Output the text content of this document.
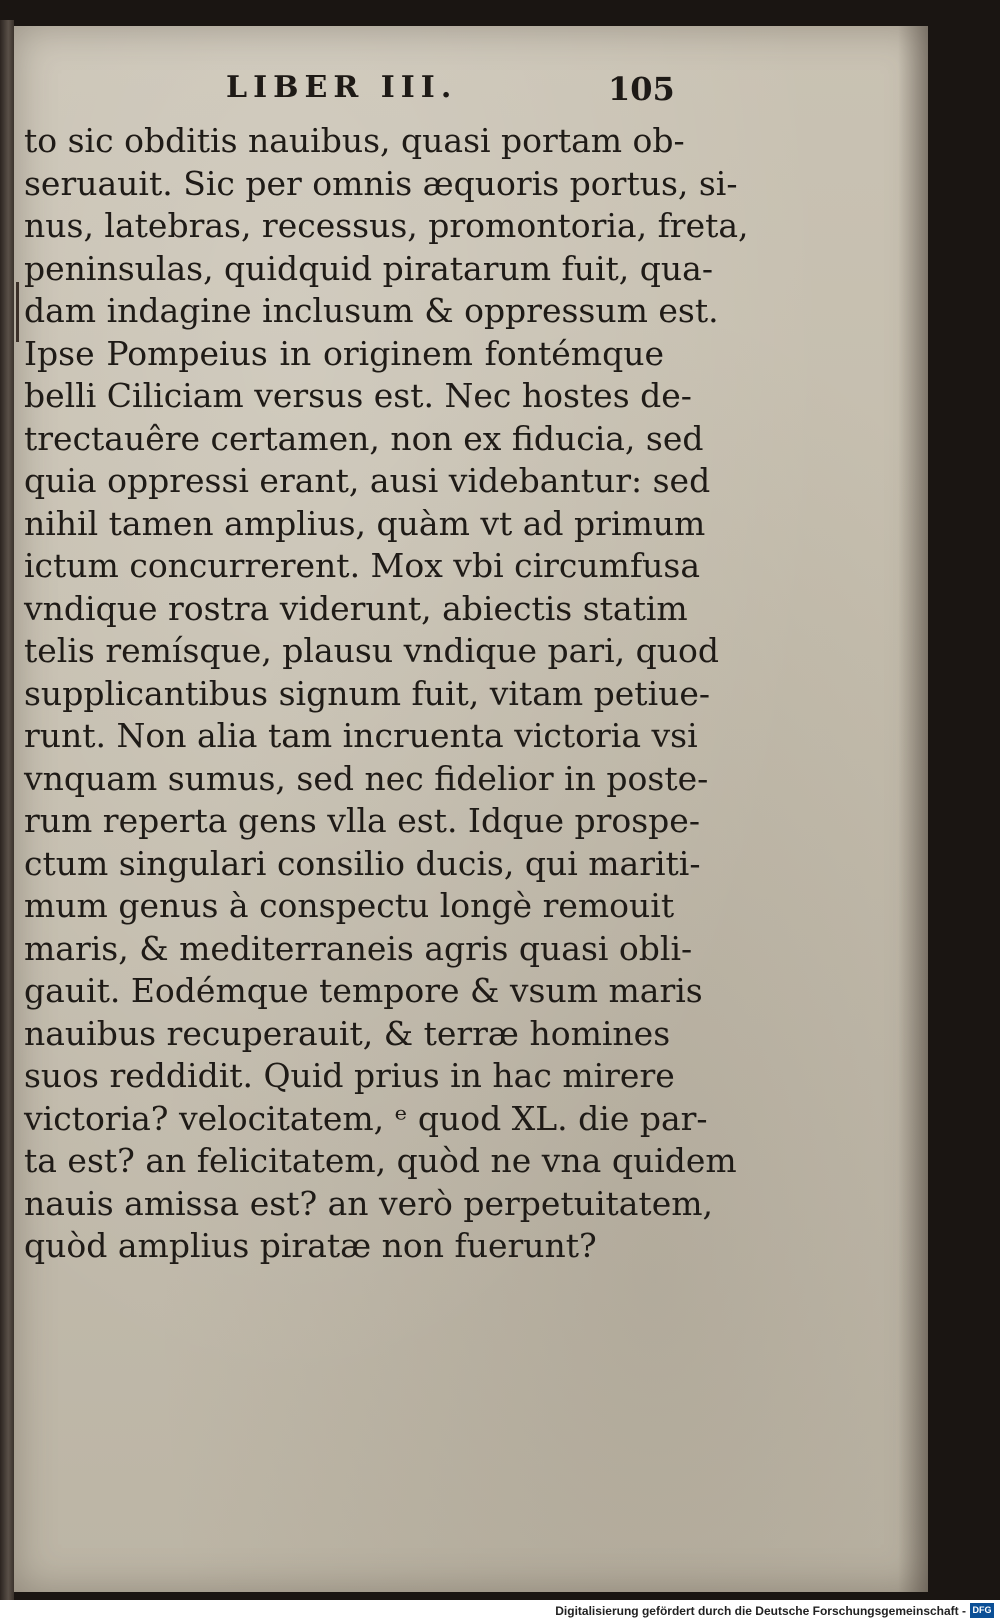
LIBER III.	105
to sic obditis nauibus, quasi portam ob-
seruauit. Sic per omnis æquoris portus, si-
nus, latebras, recessus, promontoria, freta,
peninsulas, quidquid piratarum fuit, qua-
dam indagine inclusum & oppressum est.
Ipse Pompeius in originem fontémque
belli Ciliciam versus est. Nec hostes de-
trectauêre certamen, non ex fiducia, sed
quia oppressi erant, ausi videbantur: sed
nihil tamen amplius, quàm vt ad primum
ictum concurrerent. Mox vbi circumfusa
vndique rostra viderunt, abiectis statim
telis remísque, plausu vndique pari, quod
supplicantibus signum fuit, vitam petiue-
runt. Non alia tam incruenta victoria vsi
vnquam sumus, sed nec fidelior in poste-
rum reperta gens vlla est. Idque prospe-
ctum singulari consilio ducis, qui mariti-
mum genus à conspectu longè remouit
maris, & mediterraneis agris quasi obli-
gauit. Eodémque tempore & vsum maris
nauibus recuperauit, & terræ homines
suos reddidit. Quid prius in hac mirere
victoria? velocitatem, ᵉ quod XL. die par-
ta est? an felicitatem, quòd ne vna quidem
nauis amissa est? an verò perpetuitatem,
quòd amplius piratæ non fuerunt?
Digitalisierung gefördert durch die Deutsche Forschungsgemeinschaft - DFG
